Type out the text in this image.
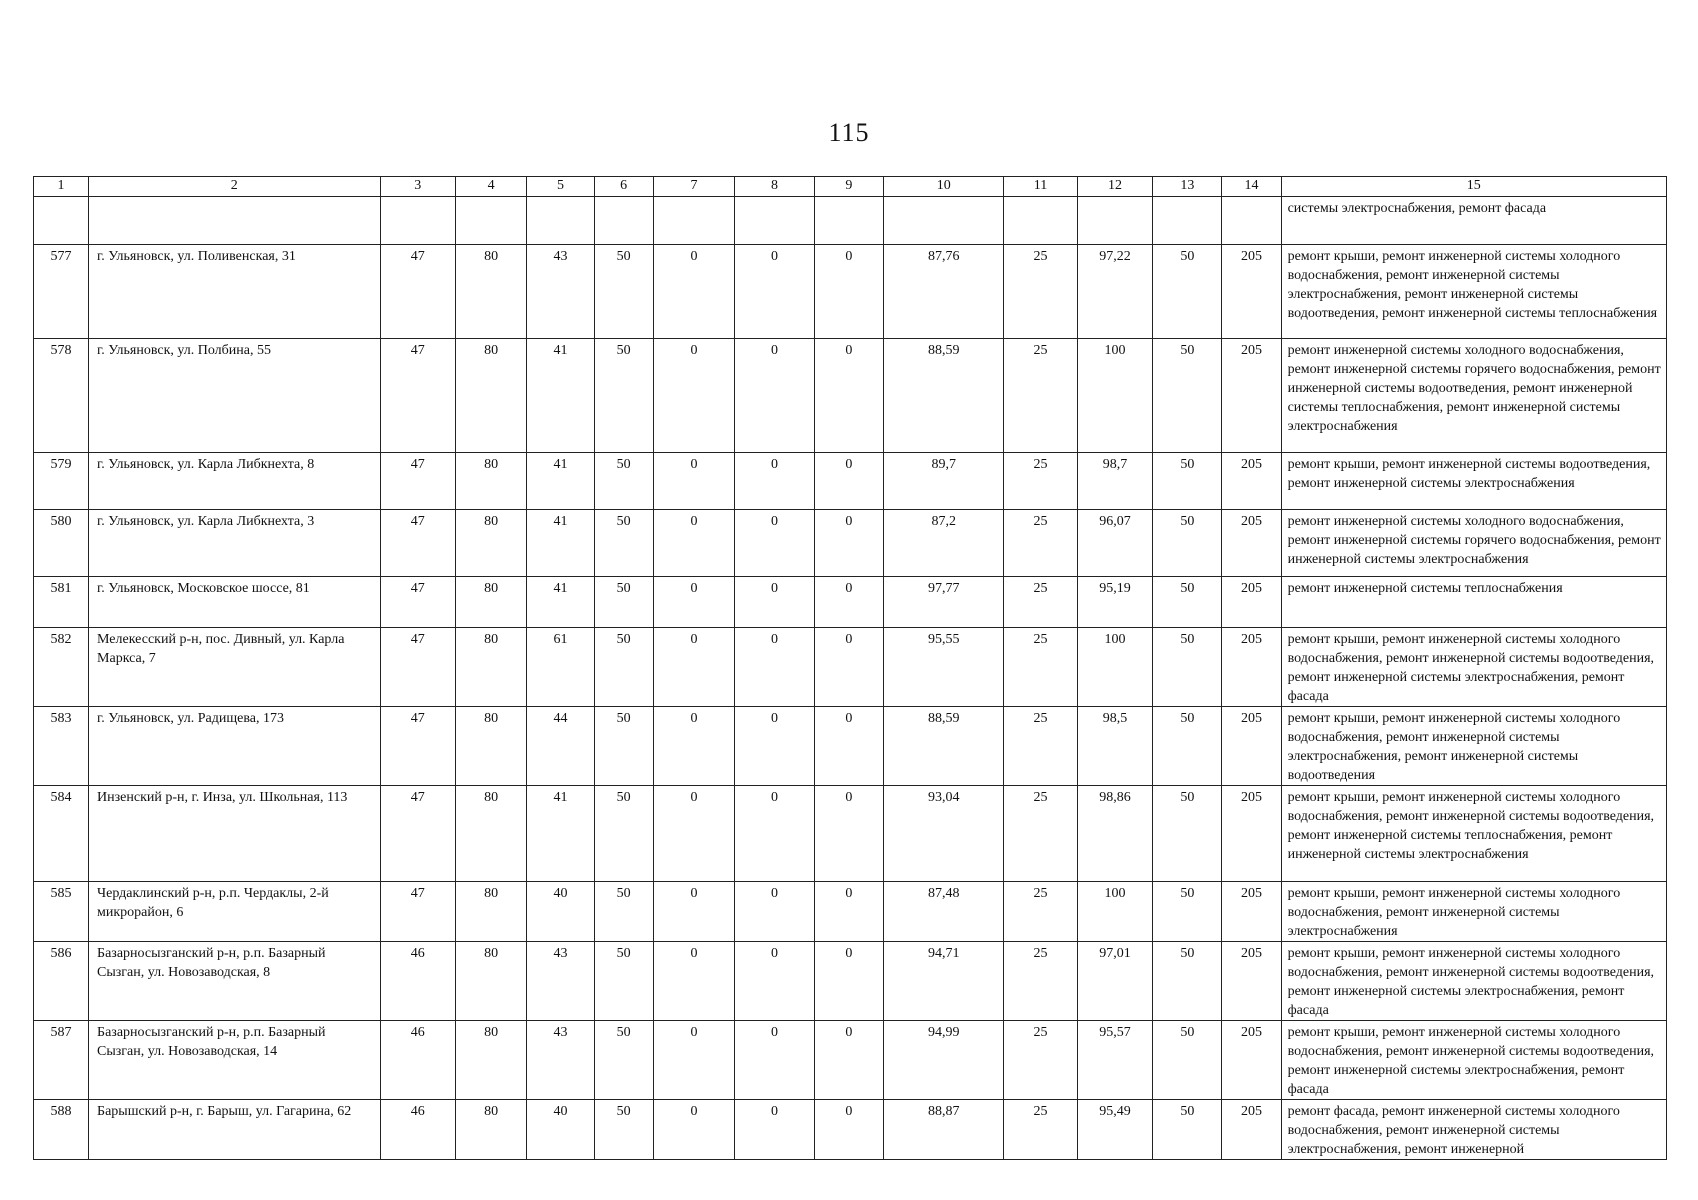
115
1	2	3	4	5	6	7	8	9	10	11	12	13	14	15
														системы электроснабжения, ремонт фасада
577	г. Ульяновск, ул. Поливенская, 31	47	80	43	50	0	0	0	87,76	25	97,22	50	205	ремонт крыши, ремонт инженерной системы холодного водоснабжения, ремонт инженерной системы электроснабжения, ремонт инженерной системы водоотведения, ремонт инженерной системы теплоснабжения
578	г. Ульяновск, ул. Полбина, 55	47	80	41	50	0	0	0	88,59	25	100	50	205	ремонт инженерной системы холодного водоснабжения, ремонт инженерной системы горячего водоснабжения, ремонт инженерной системы водоотведения, ремонт инженерной системы теплоснабжения, ремонт инженерной системы электроснабжения
579	г. Ульяновск, ул. Карла Либкнехта, 8	47	80	41	50	0	0	0	89,7	25	98,7	50	205	ремонт крыши, ремонт инженерной системы водоотведения, ремонт инженерной системы электроснабжения
580	г. Ульяновск, ул. Карла Либкнехта, 3	47	80	41	50	0	0	0	87,2	25	96,07	50	205	ремонт инженерной системы холодного водоснабжения, ремонт инженерной системы горячего водоснабжения, ремонт инженерной системы электроснабжения
581	г. Ульяновск, Московское шоссе, 81	47	80	41	50	0	0	0	97,77	25	95,19	50	205	ремонт инженерной системы теплоснабжения
582	Мелекесский р-н, пос. Дивный, ул. Карла Маркса, 7	47	80	61	50	0	0	0	95,55	25	100	50	205	ремонт крыши, ремонт инженерной системы холодного водоснабжения, ремонт инженерной системы водоотведения, ремонт инженерной системы электроснабжения, ремонт фасада
583	г. Ульяновск, ул. Радищева, 173	47	80	44	50	0	0	0	88,59	25	98,5	50	205	ремонт крыши, ремонт инженерной системы холодного водоснабжения, ремонт инженерной системы электроснабжения, ремонт инженерной системы водоотведения
584	Инзенский р-н, г. Инза, ул. Школьная, 113	47	80	41	50	0	0	0	93,04	25	98,86	50	205	ремонт крыши, ремонт инженерной системы холодного водоснабжения, ремонт инженерной системы водоотведения, ремонт инженерной системы теплоснабжения, ремонт инженерной системы электроснабжения
585	Чердаклинский р-н, р.п. Чердаклы, 2-й микрорайон, 6	47	80	40	50	0	0	0	87,48	25	100	50	205	ремонт крыши, ремонт инженерной системы холодного водоснабжения, ремонт инженерной системы электроснабжения
586	Базарносызганский р-н, р.п. Базарный Сызган, ул. Новозаводская, 8	46	80	43	50	0	0	0	94,71	25	97,01	50	205	ремонт крыши, ремонт инженерной системы холодного водоснабжения, ремонт инженерной системы водоотведения, ремонт инженерной системы электроснабжения, ремонт фасада
587	Базарносызганский р-н, р.п. Базарный Сызган, ул. Новозаводская, 14	46	80	43	50	0	0	0	94,99	25	95,57	50	205	ремонт крыши, ремонт инженерной системы холодного водоснабжения, ремонт инженерной системы водоотведения, ремонт инженерной системы электроснабжения, ремонт фасада
588	Барышский р-н, г. Барыш, ул. Гагарина, 62	46	80	40	50	0	0	0	88,87	25	95,49	50	205	ремонт фасада, ремонт инженерной системы холодного водоснабжения, ремонт инженерной системы электроснабжения, ремонт инженерной
